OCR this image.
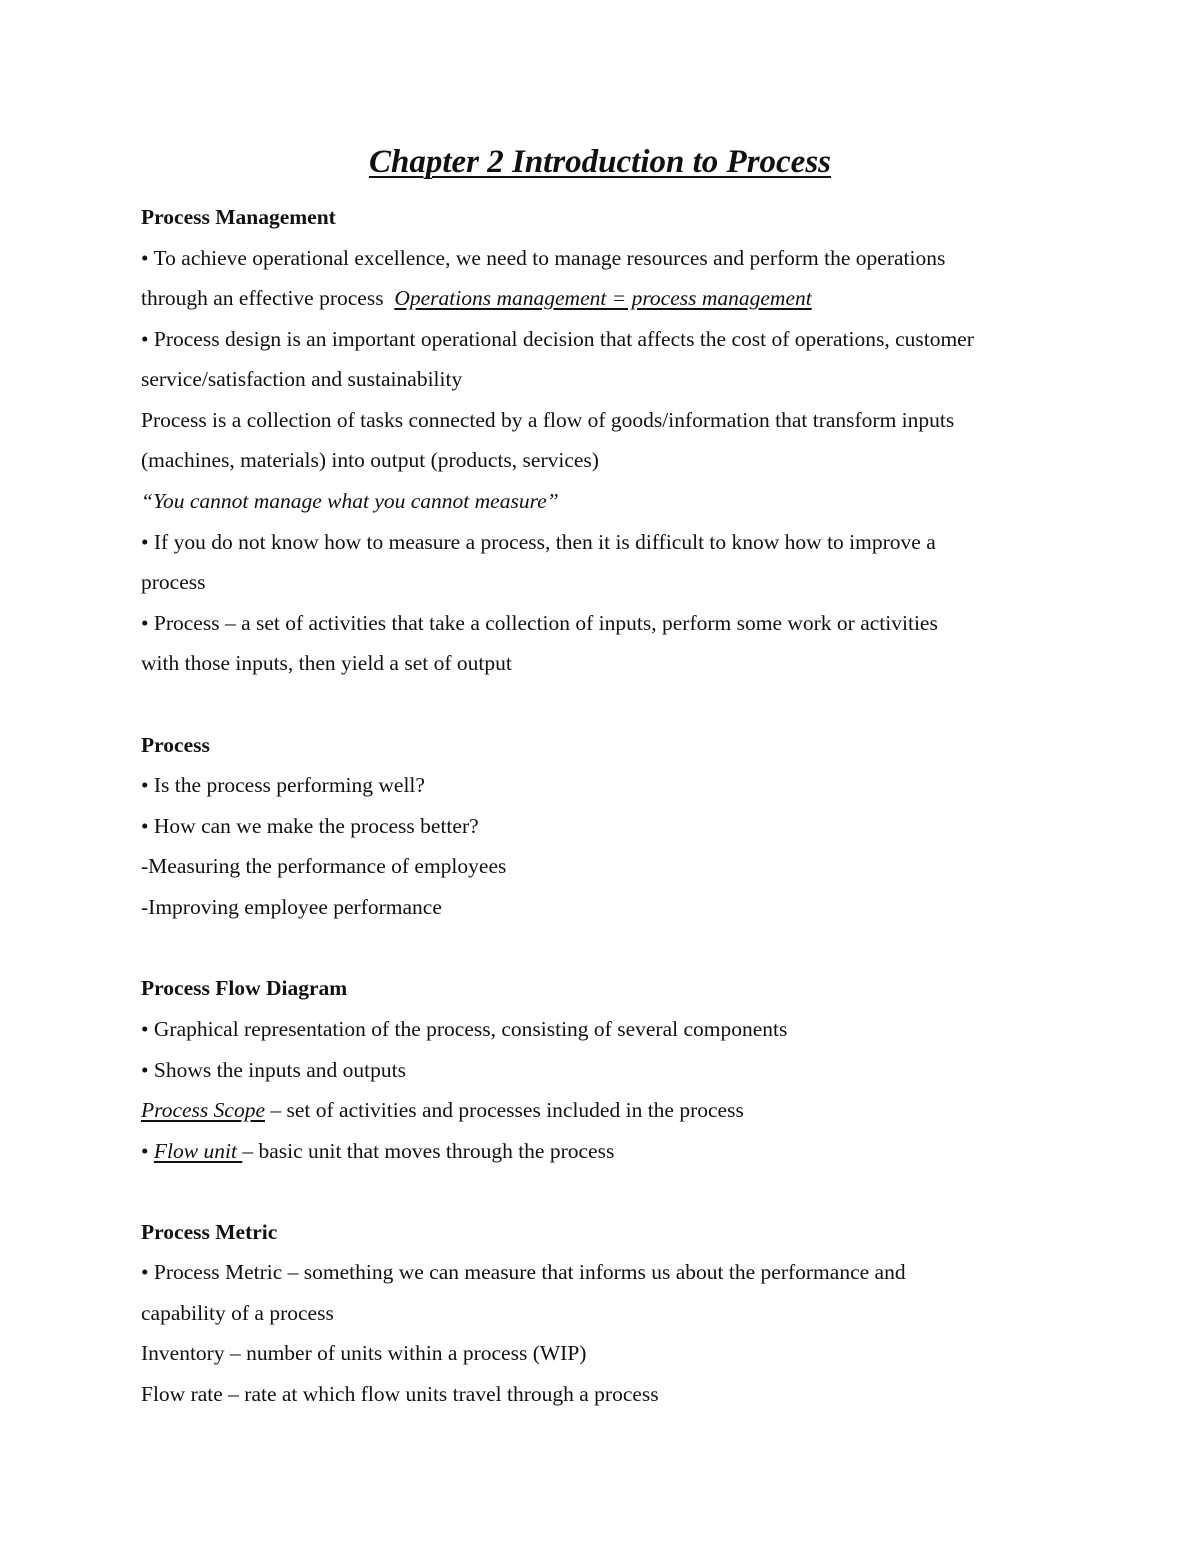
Chapter 2 Introduction to Process

Process Management

• To achieve operational excellence, we need to manage resources and perform the operations

through an effective process Operations management = process management

• Process design is an important operational decision that affects the cost of operations, customer

service/satisfaction and sustainability

Process is a collection of tasks connected by a flow of goods/information that transform inputs

(machines, materials) into output (products, services)

“You cannot manage what you cannot measure”

• If you do not know how to measure a process, then it is difficult to know how to improve a

process

• Process – a set of activities that take a collection of inputs, perform some work or activities

with those inputs, then yield a set of output

Process

• Is the process performing well?

• How can we make the process better?

-Measuring the performance of employees

-Improving employee performance

Process Flow Diagram

• Graphical representation of the process, consisting of several components

• Shows the inputs and outputs

Process Scope – set of activities and processes included in the process

• Flow unit – basic unit that moves through the process

Process Metric

• Process Metric – something we can measure that informs us about the performance and

capability of a process

Inventory – number of units within a process (WIP)

Flow rate – rate at which flow units travel through a process
